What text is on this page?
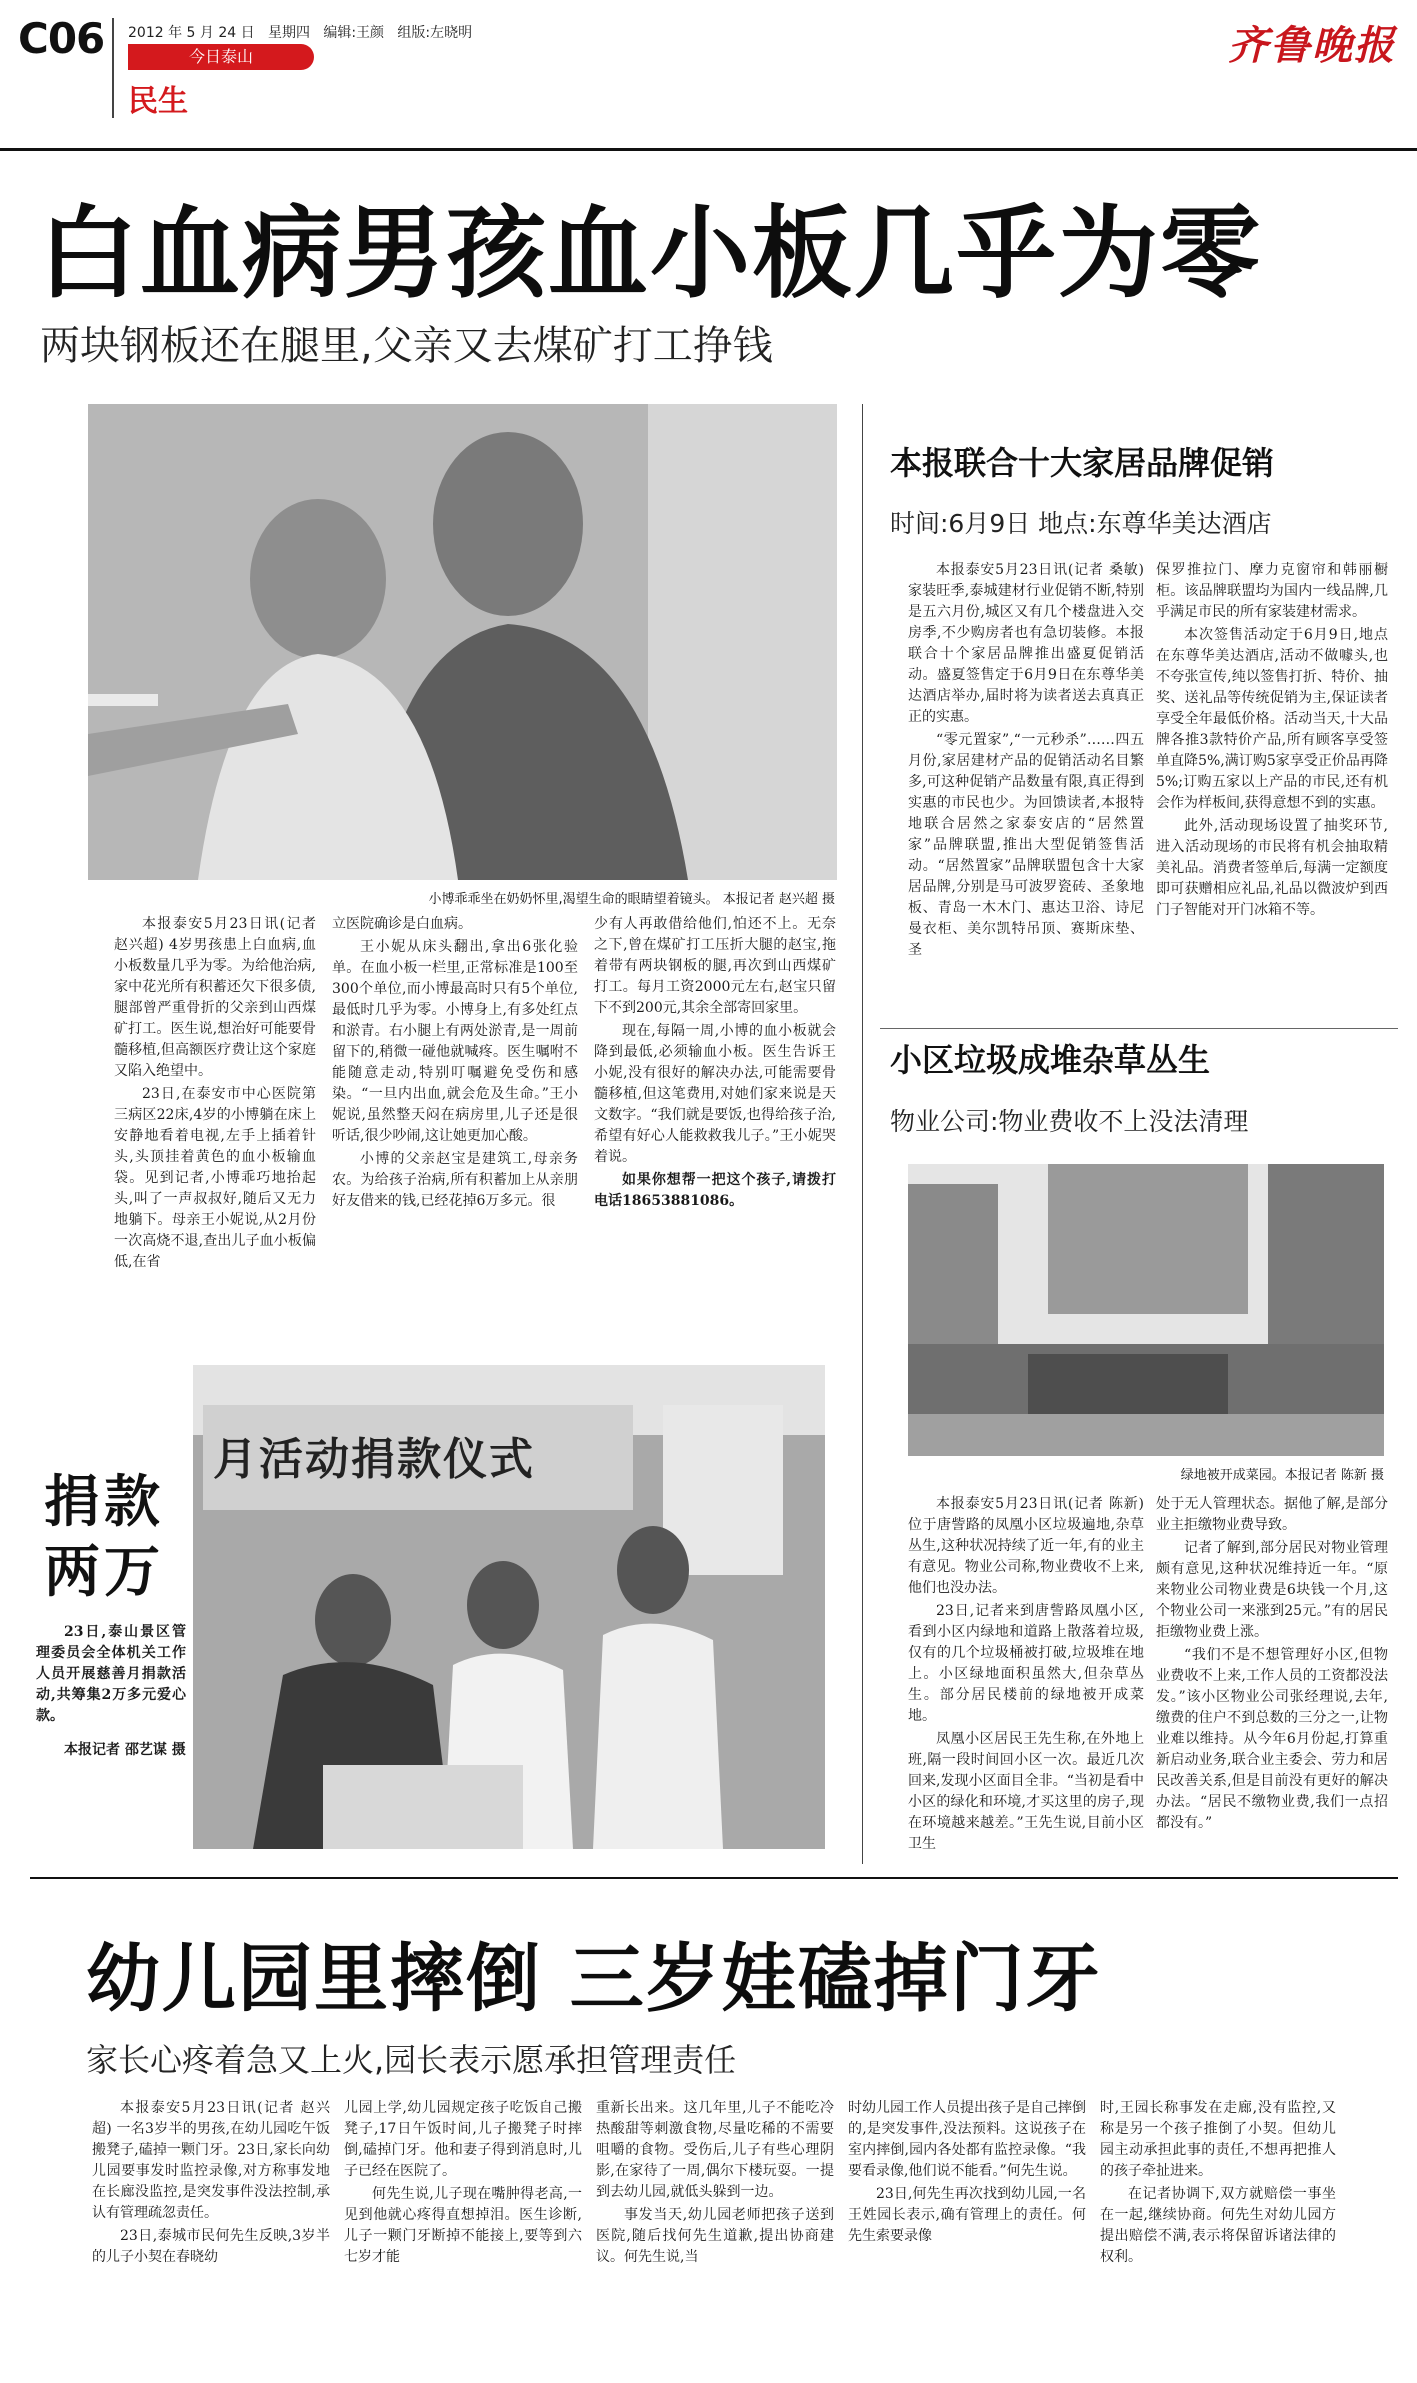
C06 2012 年 5 月 24 日 星期四 编辑:王颜 组版:左晓明
今日泰山
民生
齐鲁晚报
白血病男孩血小板几乎为零
两块钢板还在腿里,父亲又去煤矿打工挣钱
小博乖乖坐在奶奶怀里,渴望生命的眼睛望着镜头。 本报记者 赵兴超 摄

本报泰安5月23日讯(记者 赵兴超) 4岁男孩患上白血病,血小板数量几乎为零。为给他治病,家中花光所有积蓄还欠下很多债,腿部曾严重骨折的父亲到山西煤矿打工。医生说,想治好可能要骨髓移植,但高额医疗费让这个家庭又陷入绝望中。

23日,在泰安市中心医院第三病区22床,4岁的小博躺在床上安静地看着电视,左手上插着针头,头顶挂着黄色的血小板输血袋。见到记者,小博乖巧地抬起头,叫了一声叔叔好,随后又无力地躺下。母亲王小妮说,从2月份一次高烧不退,查出儿子血小板偏低,在省

立医院确诊是白血病。

王小妮从床头翻出,拿出6张化验单。在血小板一栏里,正常标准是100至300个单位,而小博最高时只有5个单位,最低时几乎为零。小博身上,有多处红点和淤青。右小腿上有两处淤青,是一周前留下的,稍微一碰他就喊疼。医生嘱咐不能随意走动,特别叮嘱避免受伤和感染。“一旦内出血,就会危及生命。”王小妮说,虽然整天闷在病房里,儿子还是很听话,很少吵闹,这让她更加心酸。

小博的父亲赵宝是建筑工,母亲务农。为给孩子治病,所有积蓄加上从亲朋好友借来的钱,已经花掉6万多元。很

少有人再敢借给他们,怕还不上。无奈之下,曾在煤矿打工压折大腿的赵宝,拖着带有两块钢板的腿,再次到山西煤矿打工。每月工资2000元左右,赵宝只留下不到200元,其余全部寄回家里。

现在,每隔一周,小博的血小板就会降到最低,必须输血小板。医生告诉王小妮,没有很好的解决办法,可能需要骨髓移植,但这笔费用,对她们家来说是天文数字。“我们就是要饭,也得给孩子治,希望有好心人能救救我儿子。”王小妮哭着说。

如果你想帮一把这个孩子,请拨打电话18653881086。

捐款
两万

23日,泰山景区管理委员会全体机关工作人员开展慈善月捐款活动,共筹集2万多元爱心款。

本报记者 邵艺谋 摄
月活动捐款仪式
本报联合十大家居品牌促销
时间:6月9日 地点:东尊华美达酒店

本报泰安5月23日讯(记者 桑敏) 家装旺季,泰城建材行业促销不断,特别是五六月份,城区又有几个楼盘进入交房季,不少购房者也有急切装修。本报联合十个家居品牌推出盛夏促销活动。盛夏签售定于6月9日在东尊华美达酒店举办,届时将为读者送去真真正正的实惠。

“零元置家”,“一元秒杀”……四五月份,家居建材产品的促销活动名目繁多,可这种促销产品数量有限,真正得到实惠的市民也少。为回馈读者,本报特地联合居然之家泰安店的“居然置家”品牌联盟,推出大型促销签售活动。“居然置家”品牌联盟包含十大家居品牌,分别是马可波罗瓷砖、圣象地板、青岛一木木门、惠达卫浴、诗尼曼衣柜、美尔凯特吊顶、赛斯床垫、圣

保罗推拉门、摩力克窗帘和韩丽橱柜。该品牌联盟均为国内一线品牌,几乎满足市民的所有家装建材需求。

本次签售活动定于6月9日,地点在东尊华美达酒店,活动不做噱头,也不夸张宣传,纯以签售打折、特价、抽奖、送礼品等传统促销为主,保证读者享受全年最低价格。活动当天,十大品牌各推3款特价产品,所有顾客享受签单直降5%,满订购5家享受正价品再降5%;订购五家以上产品的市民,还有机会作为样板间,获得意想不到的实惠。

此外,活动现场设置了抽奖环节,进入活动现场的市民将有机会抽取精美礼品。消费者签单后,每满一定额度即可获赠相应礼品,礼品以微波炉到西门子智能对开门冰箱不等。

小区垃圾成堆杂草丛生
物业公司:物业费收不上没法清理
绿地被开成菜园。本报记者 陈新 摄

本报泰安5月23日讯(记者 陈新) 位于唐訾路的凤凰小区垃圾遍地,杂草丛生,这种状况持续了近一年,有的业主有意见。物业公司称,物业费收不上来,他们也没办法。

23日,记者来到唐訾路凤凰小区,看到小区内绿地和道路上散落着垃圾,仅有的几个垃圾桶被打破,垃圾堆在地上。小区绿地面积虽然大,但杂草丛生。部分居民楼前的绿地被开成菜地。

凤凰小区居民王先生称,在外地上班,隔一段时间回小区一次。最近几次回来,发现小区面目全非。“当初是看中小区的绿化和环境,才买这里的房子,现在环境越来越差。”王先生说,目前小区卫生

处于无人管理状态。据他了解,是部分业主拒缴物业费导致。

记者了解到,部分居民对物业管理颇有意见,这种状况维持近一年。“原来物业公司物业费是6块钱一个月,这个物业公司一来涨到25元。”有的居民拒缴物业费上涨。

“我们不是不想管理好小区,但物业费收不上来,工作人员的工资都没法发。”该小区物业公司张经理说,去年,缴费的住户不到总数的三分之一,让物业难以维持。从今年6月份起,打算重新启动业务,联合业主委会、劳力和居民改善关系,但是目前没有更好的解决办法。“居民不缴物业费,我们一点招都没有。”

幼儿园里摔倒 三岁娃磕掉门牙
家长心疼着急又上火,园长表示愿承担管理责任

本报泰安5月23日讯(记者 赵兴超) 一名3岁半的男孩,在幼儿园吃午饭搬凳子,磕掉一颗门牙。23日,家长向幼儿园要事发时监控录像,对方称事发地在长廊没监控,是突发事件没法控制,承认有管理疏忽责任。

23日,泰城市民何先生反映,3岁半的儿子小契在春晓幼

儿园上学,幼儿园规定孩子吃饭自己搬凳子,17日午饭时间,儿子搬凳子时摔倒,磕掉门牙。他和妻子得到消息时,儿子已经在医院了。

何先生说,儿子现在嘴肿得老高,一见到他就心疼得直想掉泪。医生诊断,儿子一颗门牙断掉不能接上,要等到六七岁才能

重新长出来。这几年里,儿子不能吃冷热酸甜等刺激食物,尽量吃稀的不需要咀嚼的食物。受伤后,儿子有些心理阴影,在家待了一周,偶尔下楼玩耍。一提到去幼儿园,就低头躲到一边。

事发当天,幼儿园老师把孩子送到医院,随后找何先生道歉,提出协商建议。何先生说,当

时幼儿园工作人员提出孩子是自己摔倒的,是突发事件,没法预料。这说孩子在室内摔倒,园内各处都有监控录像。“我要看录像,他们说不能看。”何先生说。

23日,何先生再次找到幼儿园,一名王姓园长表示,确有管理上的责任。何先生索要录像

时,王园长称事发在走廊,没有监控,又称是另一个孩子推倒了小契。但幼儿园主动承担此事的责任,不想再把推人的孩子牵扯进来。

在记者协调下,双方就赔偿一事坐在一起,继续协商。何先生对幼儿园方提出赔偿不满,表示将保留诉诸法律的权利。
